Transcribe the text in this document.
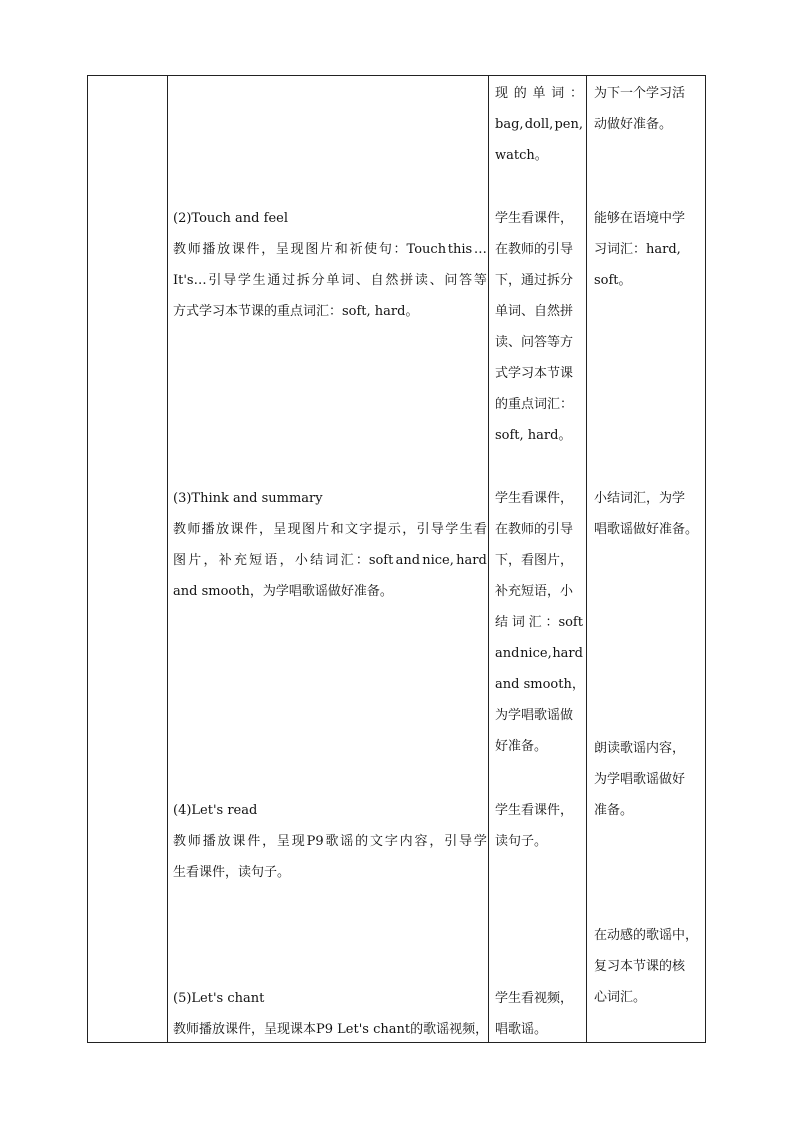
现 的 单 词 ：
bag, doll, pen,
watch。
为下一个学习活
动做好准备。
(2)Touch and feel
教 师 播 放 课 件 ， 呈 现 图 片 和 祈 使 句 ：Touch this …
It's… 引 导 学 生 通 过 拆 分 单 词 、 自 然 拼 读 、 问 答 等
方式学习本节课的重点词汇：soft, hard。
学生看课件，
在教师的引导
下，通过拆分
单词、自然拼
读、问答等方
式学习本节课
的重点词汇：
soft, hard。
能够在语境中学
习词汇：hard,
soft。
(3)Think and summary
教 师 播 放 课 件 ， 呈 现 图 片 和 文 字 提 示 ， 引 导 学 生 看
图 片 ， 补 充 短 语 ， 小 结 词 汇 ：soft and nice, hard
and smooth，为学唱歌谣做好准备。
学生看课件，
在教师的引导
下，看图片，
补充短语，小
结 词 汇 ：soft
and nice, hard
and smooth，
为学唱歌谣做
好准备。
小结词汇，为学
唱歌谣做好准备。
朗读歌谣内容，
为学唱歌谣做好
准备。
(4)Let's read
教 师 播 放 课 件 ， 呈 现 P9 歌 谣 的 文 字 内 容 ， 引 导 学
生看课件，读句子。
学生看课件，
读句子。
在动感的歌谣中，
复习本节课的核
心词汇。
(5)Let's chant
教师播放课件，呈现课本P9 Let's chant的歌谣视频，
学生看视频，
唱歌谣。
